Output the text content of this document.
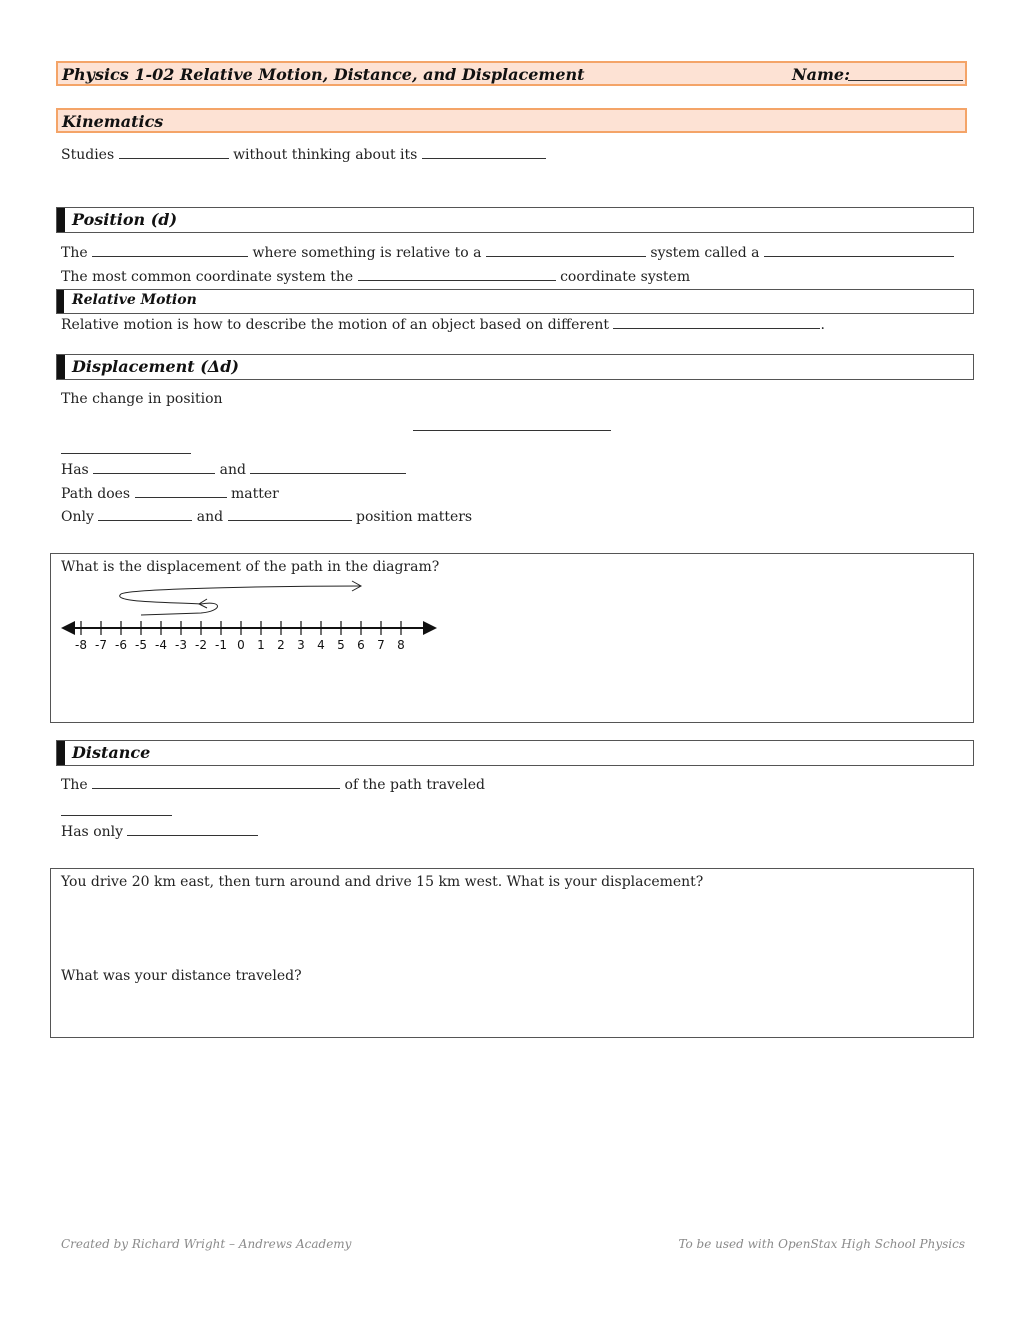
Physics 1-02 Relative Motion, Distance, and Displacement	Name:
Kinematics
Studies	without thinking about its
Position (d)
The	where something is relative to a	system called a
The most common coordinate system the	coordinate system
Relative Motion
Relative motion is how to describe the motion of an object based on different	.
Displacement (Δd)
The change in position
Has	and
Path does	matter
Only	and	position matters
What is the displacement of the path in the diagram?
-8 -7 -6 -5 -4 -3 -2 -1 0 1 2 3 4 5 6 7 8
Distance
The	of the path traveled
Has only
You drive 20 km east, then turn around and drive 15 km west. What is your displacement?
What was your distance traveled?
Created by Richard Wright – Andrews Academy	To be used with OpenStax High School Physics
